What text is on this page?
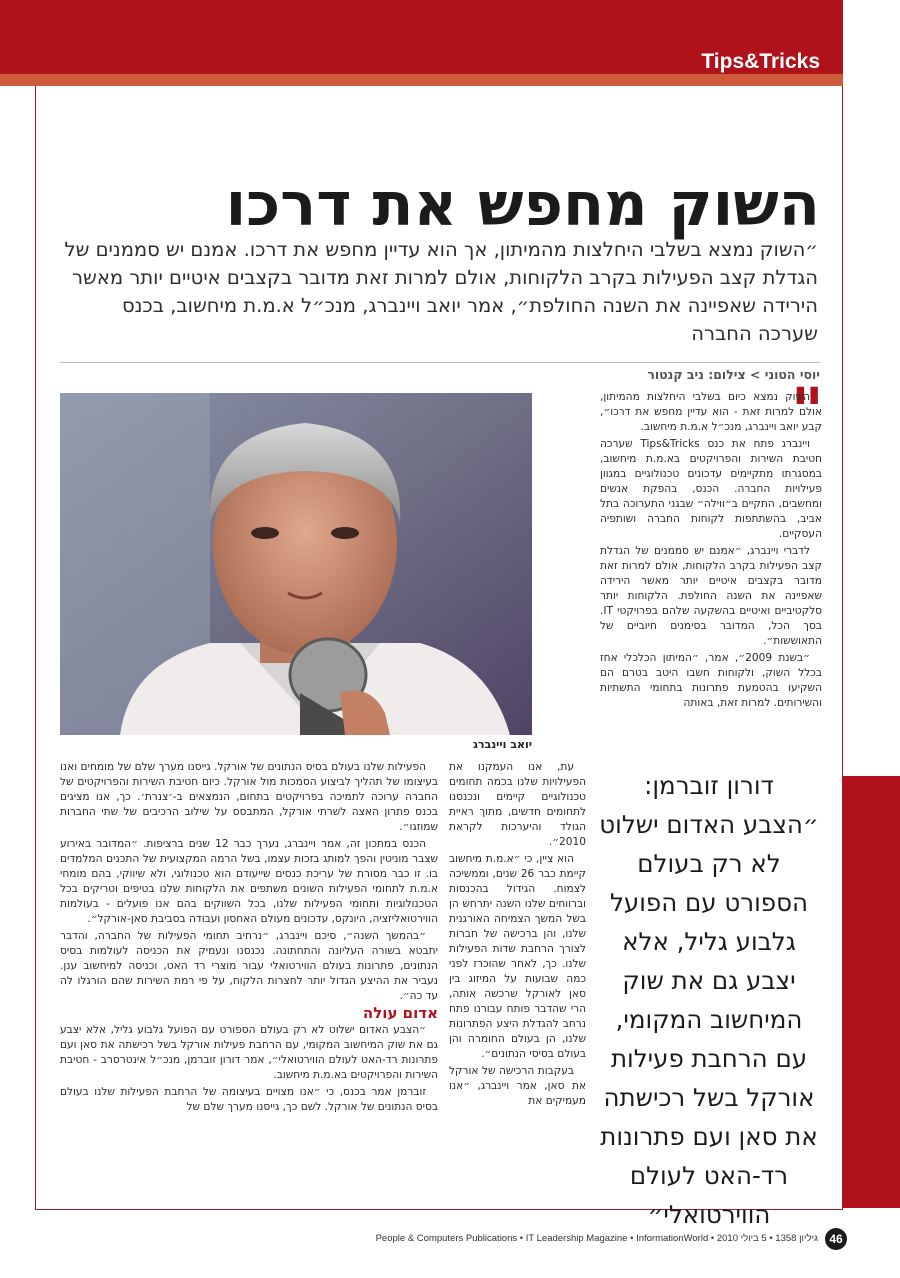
Tips&Tricks
השוק מחפש את דרכו

״השוק נמצא בשלבי היחלצות מהמיתון, אך הוא עדיין מחפש את דרכו. אמנם יש סממנים של הגדלת קצב הפעילות בקרב הלקוחות, אולם למרות זאת מדובר בקצבים איטיים יותר מאשר הירידה שאפיינה את השנה החולפת״, אמר יואב ויינברג, מנכ״ל א.מ.ת מיחשוב, בכנס שערכה החברה

יוסי הטוני > צילום: ניב קנטור
יואב ויינברג
"

השוק נמצא כיום בשלבי היחלצות מהמיתון, אולם למרות זאת - הוא עדיין מחפש את דרכו״, קבע יואב ויינברג, מנכ״ל א.מ.ת מיחשוב.

ויינברג פתח את כנס Tips&Tricks שערכה חטיבת השירות והפרויקטים בא.מ.ת מיחשוב, במסגרתו מתקיימים עדכונים טכנולוגיים במגוון פעילויות החברה. הכנס, בהפקת אנשים ומחשבים, התקיים ב״ווילה״ שבגני התערוכה בתל אביב, בהשתתפות לקוחות החברה ושותפיה העסקיים.

לדברי ויינברג, ״אמנם יש סממנים של הגדלת קצב הפעילות בקרב הלקוחות, אולם למרות זאת מדובר בקצבים איטיים יותר מאשר הירידה שאפיינה את השנה החולפת. הלקוחות יותר סלקטיביים ואיטיים בהשקעה שלהם בפרויקטי IT. בסך הכל, המדובר בסימנים חיוביים של התאוששות״.

״בשנת 2009״, אמר, ״המיתון הכלכלי אחז בכלל השוק, ולקוחות חשבו היטב בטרם הם השקיעו בהטמעת פתרונות בתחומי התשתיות והשירותים. למרות זאת, באותה

דורון זוברמן:
״הצבע האדום ישלוט לא רק בעולם הספורט עם הפועל גלבוע גליל, אלא יצבע גם את שוק המיחשוב המקומי, עם הרחבת פעילות אורקל בשל רכישתה את סאן ועם פתרונות רד-האט לעולם הווירטואלי״

עת, אנו העמקנו את הפעילויות שלנו בכמה תחומים טכנולוגיים קיימים ונכנסנו לתחומים חדשים, מתוך ראיית הגולד והיערכות לקראת 2010״.

הוא ציין, כי ״א.מ.ת מיחשוב קיימת כבר 26 שנים, וממשיכה לצמוח. הגידול בהכנסות וברווחים שלנו השנה יתרחש הן בשל המשך הצמיחה האורגנית שלנו, והן ברכישה של חברות לצורך הרחבת שדות הפעילות שלנו. כך, לאחר שהוכרז לפני כמה שבועות על המיזוג בין סאן לאורקל שרכשה אותה, הרי שהדבר פותח עבורנו פתח נרחב להגדלת היצע הפתרונות שלנו, הן בעולם החומרה והן בעולם בסיסי הנתונים״.

בעקבות הרכישה של אורקל את סאן, אמר ויינברג, ״אנו מעמיקים את

הפעילות שלנו בעולם בסיס הנתונים של אורקל. גייסנו מערך שלם של מומחים ואנו בעיצומו של תהליך לביצוע הסמכות מול אורקל. כיום חטיבת השירות והפרויקטים של החברה ערוכה לתמיכה בפרויקטים בתחום, הנמצאים ב-׳צנרת׳. כך, אנו מציגים בכנס פתרון האצה לשרתי אורקל, המתבסס על שילוב הרכיבים של שתי החברות שמוזגו״.

הכנס במתכון זה, אמר ויינברג, נערך כבר 12 שנים ברציפות. ״המדובר באירוע שצבר מוניטין והפך למותג בזכות עצמו, בשל הרמה המקצועית של התכנים המלמדים בו. זו כבר מסורת של עריכת כנסים שייעודם הוא טכנולוגי, ולא שיווקי, בהם מומחי א.מ.ת לתחומי הפעילות השונים משתפים את הלקוחות שלנו בטיפים וטריקים בכל הטכנולוגיות ותחומי הפעילות שלנו, בכל השווקים בהם אנו פועלים - בעולמות הווירטואליזציה, היונקס, עדכונים מעולם האחסון ועבודה בסביבת סאן-אורקל״.

״בהמשך השנה״, סיכם ויינברג, ״נרחיב תחומי הפעילות של החברה, והדבר יתבטא בשורה העליונה והתחתונה. נכנסנו ונעמיק את הכניסה לעולמות בסיס הנתונים, פתרונות בעולם הווירטואלי עבור מוצרי רד האט, וכניסה למיחשוב ענן. נעביר את ההיצע הגדול יותר לחצרות הלקוח, על פי רמת השירות שהם הורגלו לה עד כה״.

אדום עולה

״הצבע האדום ישלוט לא רק בעולם הספורט עם הפועל גלבוע גליל, אלא יצבע גם את שוק המיחשוב המקומי, עם הרחבת פעילות אורקל בשל רכישתה את סאן ועם פתרונות רד-האט לעולם הווירטואלי״, אמר דורון זוברמן, מנכ״ל אינטרסרב - חטיבת השירות והפרויקטים בא.מ.ת מיחשוב.

זוברמן אמר בכנס, כי ״אנו מצויים בעיצומה של הרחבת הפעילות שלנו בעולם בסיס הנתונים של אורקל. לשם כך, גייסנו מערך שלם של

גיליון 1358 • 5 ביולי 2010 • People & Computers Publications • IT Leadership Magazine • InformationWorld 46
